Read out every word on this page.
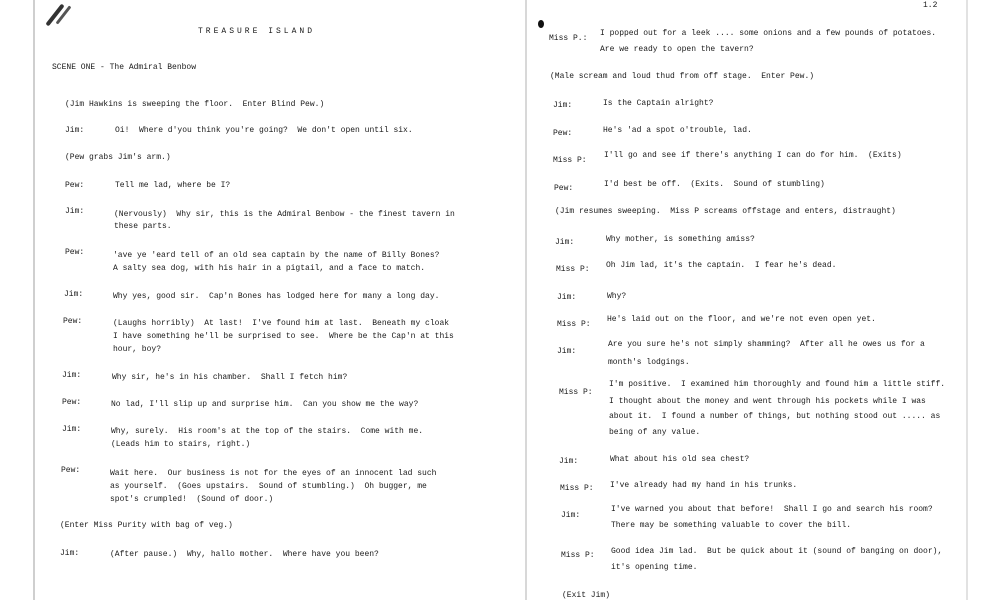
TREASURE ISLAND
SCENE ONE - The Admiral Benbow
(Jim Hawkins is sweeping the floor.  Enter Blind Pew.)
Jim:	Oi!  Where d'you think you're going?  We don't open until six.
(Pew grabs Jim's arm.)
Pew:	Tell me lad, where be I?
Jim:	(Nervously)  Why sir, this is the Admiral Benbow - the finest tavern in
these parts.
Pew:	'ave ye 'eard tell of an old sea captain by the name of Billy Bones?
A salty sea dog, with his hair in a pigtail, and a face to match.
Jim:	Why yes, good sir.  Cap'n Bones has lodged here for many a long day.
Pew:	(Laughs horribly)  At last!  I've found him at last.  Beneath my cloak
I have something he'll be surprised to see.  Where be the Cap'n at this
hour, boy?
Jim:	Why sir, he's in his chamber.  Shall I fetch him?
Pew:	No lad, I'll slip up and surprise him.  Can you show me the way?
Jim:	Why, surely.  His room's at the top of the stairs.  Come with me.
(Leads him to stairs, right.)
Pew:	Wait here.  Our business is not for the eyes of an innocent lad such
as yourself.  (Goes upstairs.  Sound of stumbling.)  Oh bugger, me
spot's crumpled!  (Sound of door.)
(Enter Miss Purity with bag of veg.)
Jim:	(After pause.)  Why, hallo mother.  Where have you been?
1.2
Miss P.:
I popped out for a leek .... some onions and a few pounds of potatoes.
Are we ready to open the tavern?
(Male scream and loud thud from off stage.  Enter Pew.)
Jim:	Is the Captain alright?
Pew:	He's 'ad a spot o'trouble, lad.
Miss P:
I'll go and see if there's anything I can do for him.  (Exits)
Pew:	I'd best be off.  (Exits.  Sound of stumbling)
(Jim resumes sweeping.  Miss P screams offstage and enters, distraught)
Jim:	Why mother, is something amiss?
Miss P: Oh Jim lad, it's the captain.  I fear he's dead.
Jim:	Why?
Miss P:
He's laid out on the floor, and we're not even open yet.
Jim:
Are you sure he's not simply shamming?  After all he owes us for a
month's lodgings.
Miss P:
I'm positive.  I examined him thoroughly and found him a little stiff.
I thought about the money and went through his pockets while I was
about it.  I found a number of things, but nothing stood out ..... as
being of any value.
Jim:	What about his old sea chest?
Miss P: I've already had my hand in his trunks.
Jim:
I've warned you about that before!  Shall I go and search his room?
There may be something valuable to cover the bill.
Miss P: Good idea Jim lad.  But be quick about it (sound of banging on door),
it's opening time.
(Exit Jim)
